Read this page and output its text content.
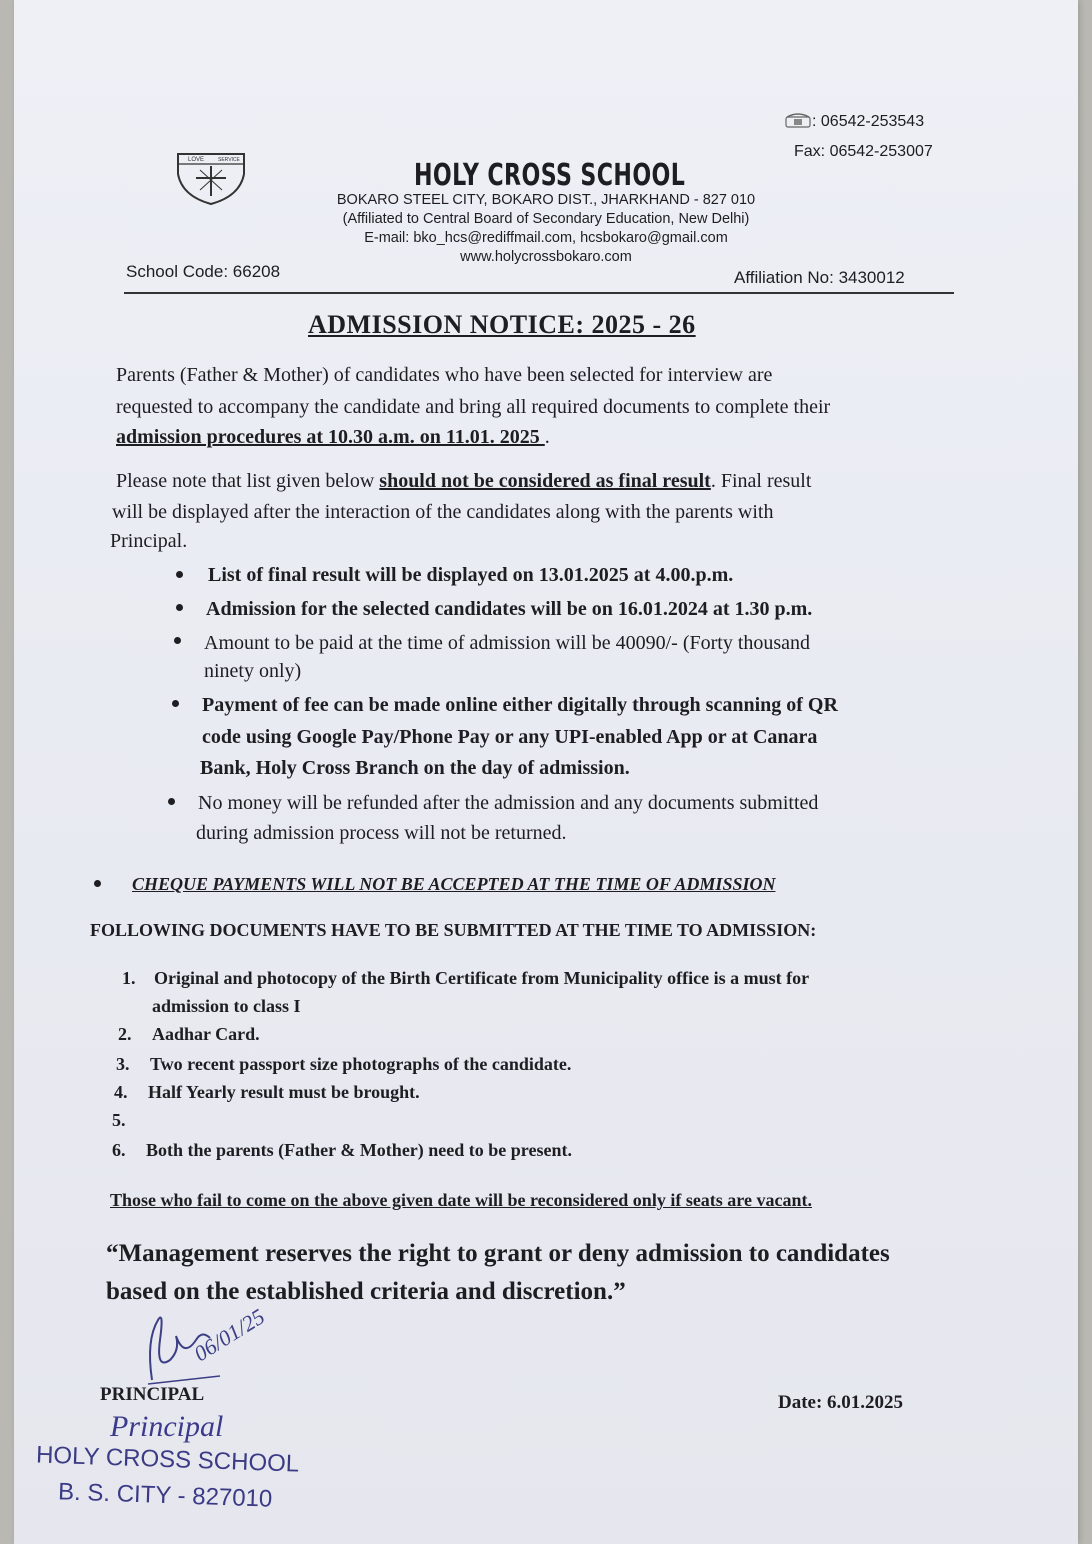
: 06542-253543
Fax: 06542-253007
LOVE	SERVICE	HOLY CROSS SCHOOL
BOKARO STEEL CITY, BOKARO DIST., JHARKHAND - 827 010
(Affiliated to Central Board of Secondary Education, New Delhi)
E-mail: bko_hcs@rediffmail.com, hcsbokaro@gmail.com
www.holycrossbokaro.com
School Code: 66208	Affiliation No: 3430012
ADMISSION NOTICE: 2025 - 26
Parents (Father & Mother) of candidates who have been selected for interview are
requested to accompany the candidate and bring all required documents to complete their
admission procedures at 10.30 a.m. on 11.01. 2025 .
Please note that list given below should not be considered as final result. Final result
will be displayed after the interaction of the candidates along with the parents with
Principal.
List of final result will be displayed on 13.01.2025 at 4.00.p.m.
Admission for the selected candidates will be on 16.01.2024 at 1.30 p.m.
Amount to be paid at the time of admission will be 40090/- (Forty thousand
ninety only)
Payment of fee can be made online either digitally through scanning of QR
code using Google Pay/Phone Pay or any UPI-enabled App or at Canara
Bank, Holy Cross Branch on the day of admission.
No money will be refunded after the admission and any documents submitted
during admission process will not be returned.
CHEQUE PAYMENTS WILL NOT BE ACCEPTED AT THE TIME OF ADMISSION
FOLLOWING DOCUMENTS HAVE TO BE SUBMITTED AT THE TIME TO ADMISSION:
1. Original and photocopy of the Birth Certificate from Municipality office is a must for
admission to class I
2. Aadhar Card.
3. Two recent passport size photographs of the candidate.
4. Half Yearly result must be brought.
5.
6. Both the parents (Father & Mother) need to be present.
Those who fail to come on the above given date will be reconsidered only if seats are vacant.
“Management reserves the right to grant or deny admission to candidates
based on the established criteria and discretion.”
06/01/25
PRINCIPAL	Date: 6.01.2025
Principal
HOLY CROSS SCHOOL
B. S. CITY - 827010
